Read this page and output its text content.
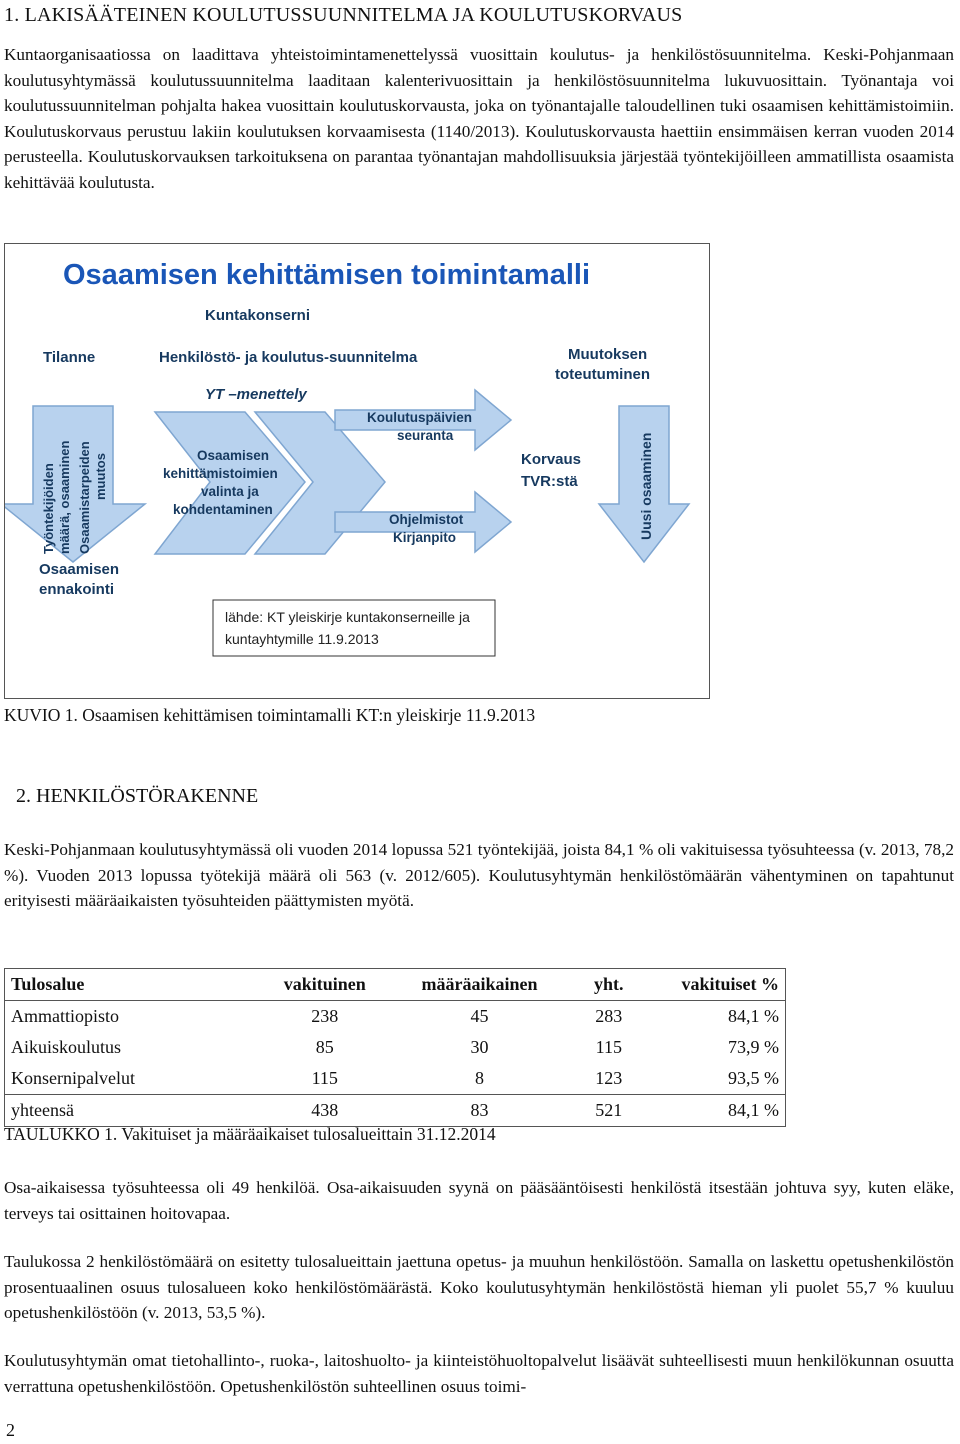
1. LAKISÄÄTEINEN KOULUTUSSUUNNITELMA JA KOULUTUSKORVAUS
Kuntaorganisaatiossa on laadittava yhteistoimintamenettelyssä vuosittain koulutus- ja henkilöstösuunnitelma. Keski-Pohjanmaan koulutusyhtymässä koulutussuunnitelma laaditaan kalenterivuosittain ja henkilöstösuunnitelma lukuvuosittain. Työnantaja voi koulutussuunnitelman pohjalta hakea vuosittain koulutuskorvausta, joka on työnantajalle taloudellinen tuki osaamisen kehittämistoimiin. Koulutuskorvaus perustuu lakiin koulutuksen korvaamisesta (1140/2013). Koulutuskorvausta haettiin ensimmäisen kerran vuoden 2014 perusteella. Koulutuskorvauksen tarkoituksena on parantaa työnantajan mahdollisuuksia järjestää työntekijöilleen ammatillista osaamista kehittävää koulutusta.
Osaamisen kehittämisen toimintamalli
Kuntakonserni
Tilanne	Henkilöstö- ja koulutus-suunnitelma	Muutoksen
toteutuminen
YT –menettely
Työntekijöiden määrä, osaaminen Osaamistarpeiden muutos	Osaamisen
kehittämistoimien
valinta ja
kohdentaminen
Koulutuspäivien
seuranta
Korvaus
TVR:stä
Ohjelmistot
Kirjanpito	Uusi osaaminen
Osaamisen
ennakointi
lähde: KT yleiskirje kuntakonserneille ja
kuntayhtymille 11.9.2013
KUVIO 1. Osaamisen kehittämisen toimintamalli KT:n yleiskirje 11.9.2013
2. HENKILÖSTÖRAKENNE
Keski-Pohjanmaan koulutusyhtymässä oli vuoden 2014 lopussa 521 työntekijää, joista 84,1 % oli vakituisessa työsuhteessa (v. 2013, 78,2 %). Vuoden 2013 lopussa työtekijä määrä oli 563 (v. 2012/605). Koulutusyhtymän henkilöstömäärän vähentyminen on tapahtunut erityisesti määräaikaisten työsuhteiden päättymisten myötä.
Tulosalue	vakituinen	määräaikainen	yht.	vakituiset %
Ammattiopisto	238	45	283	84,1 %
Aikuiskoulutus	85	30	115	73,9 %
Konsernipalvelut	115	8	123	93,5 %
yhteensä	438	83	521	84,1 %
TAULUKKO 1. Vakituiset ja määräaikaiset tulosalueittain 31.12.2014
Osa-aikaisessa työsuhteessa oli 49 henkilöä. Osa-aikaisuuden syynä on pääsääntöisesti henkilöstä itsestään johtuva syy, kuten eläke, terveys tai osittainen hoitovapaa.
Taulukossa 2 henkilöstömäärä on esitetty tulosalueittain jaettuna opetus- ja muuhun henkilöstöön. Samalla on laskettu opetushenkilöstön prosentuaalinen osuus tulosalueen koko henkilöstömäärästä. Koko koulutusyhtymän henkilöstöstä hieman yli puolet 55,7 % kuuluu opetushenkilöstöön (v. 2013, 53,5 %).
Koulutusyhtymän omat tietohallinto-, ruoka-, laitoshuolto- ja kiinteistöhuoltopalvelut lisäävät suhteellisesti muun henkilökunnan osuutta verrattuna opetushenkilöstöön. Opetushenkilöstön suhteellinen osuus toimi-
2
